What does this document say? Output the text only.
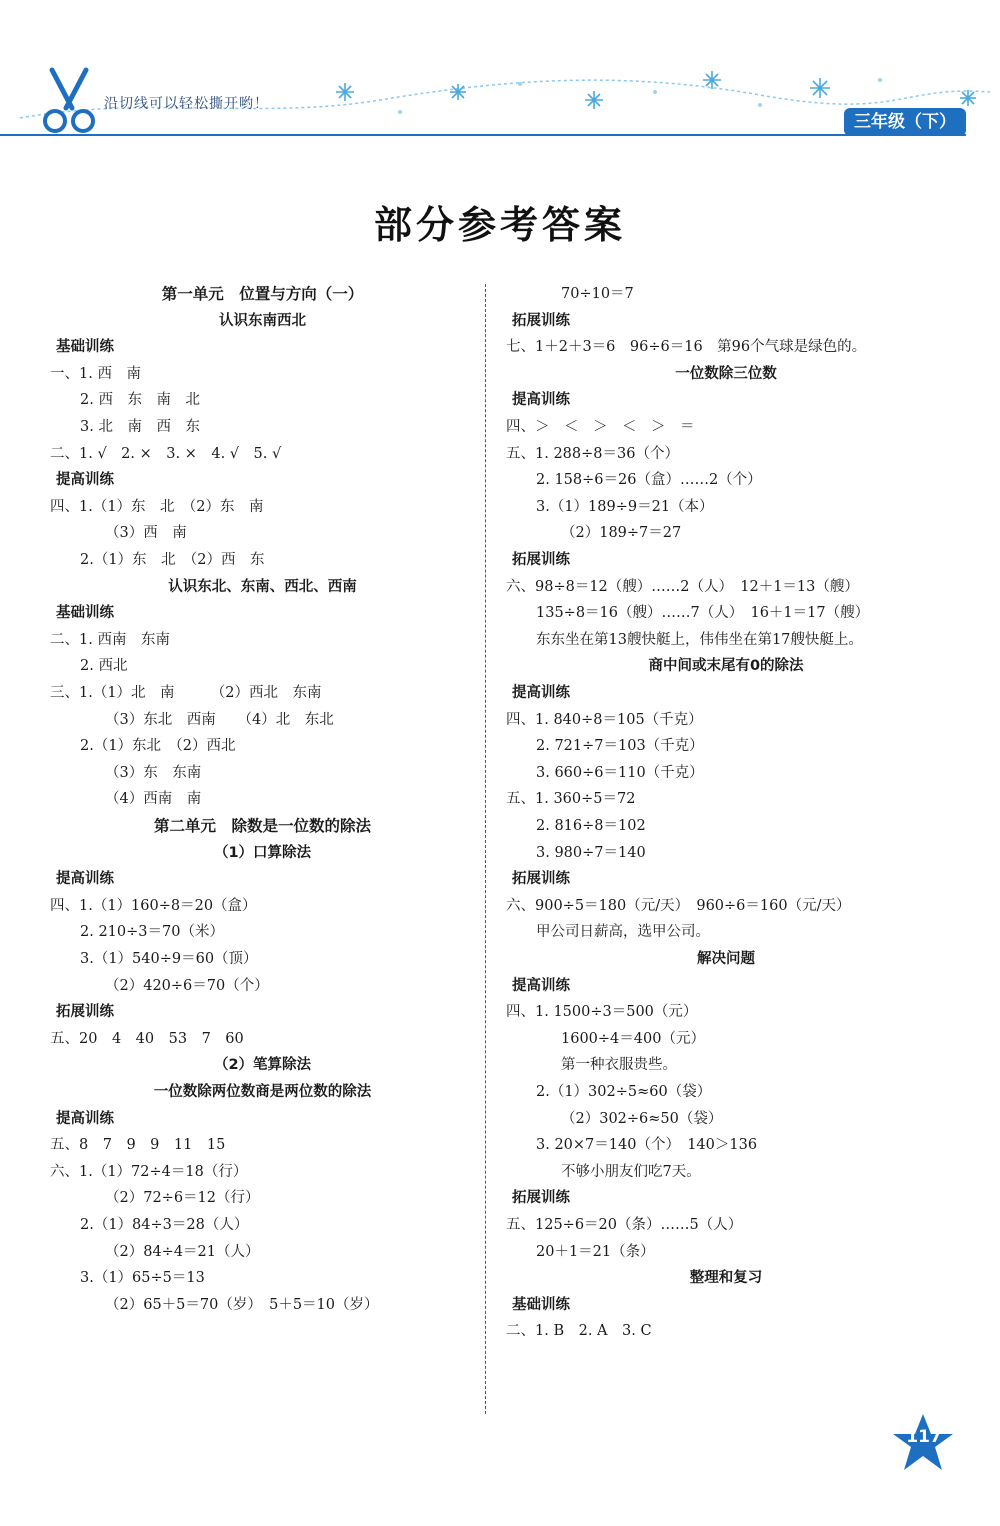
沿切线可以轻松撕开哟！
三年级（下）
部分参考答案
第一单元　位置与方向（一）
认识东南西北
基础训练
一、1. 西　南
2. 西　东　南　北
3. 北　南　西　东
二、1. √　2. ×　3. ×　4. √　5. √
提高训练
四、1.（1）东　北　（2）东　南
（3）西　南
2.（1）东　北　（2）西　东
认识东北、东南、西北、西南
基础训练
二、1. 西南　东南
2. 西北
三、1.（1）北　南　　　（2）西北　东南
（3）东北　西南　　（4）北　东北
2.（1）东北　（2）西北
（3）东　东南
（4）西南　南
第二单元　除数是一位数的除法
（1）口算除法
提高训练
四、1.（1）160÷8＝20（盒）
2. 210÷3＝70（米）
3.（1）540÷9＝60（顶）
（2）420÷6＝70（个）
拓展训练
五、20　4　40　53　7　60
（2）笔算除法
一位数除两位数商是两位数的除法
提高训练
五、8　7　9　9　11　15
六、1.（1）72÷4＝18（行）
（2）72÷6＝12（行）
2.（1）84÷3＝28（人）
（2）84÷4＝21（人）
3.（1）65÷5＝13
（2）65＋5＝70（岁）　5＋5＝10（岁）
70÷10＝7
拓展训练
七、1＋2＋3＝6　96÷6＝16　第96个气球是绿色的。
一位数除三位数
提高训练
四、＞　＜　＞　＜　＞　＝
五、1. 288÷8＝36（个）
2. 158÷6＝26（盒）……2（个）
3.（1）189÷9＝21（本）
（2）189÷7＝27
拓展训练
六、98÷8＝12（艘）……2（人）　12＋1＝13（艘）
135÷8＝16（艘）……7（人）　16＋1＝17（艘）
东东坐在第13艘快艇上，伟伟坐在第17艘快艇上。
商中间或末尾有0的除法
提高训练
四、1. 840÷8＝105（千克）
2. 721÷7＝103（千克）
3. 660÷6＝110（千克）
五、1. 360÷5＝72
2. 816÷8＝102
3. 980÷7＝140
拓展训练
六、900÷5＝180（元/天）　960÷6＝160（元/天）
甲公司日薪高，选甲公司。
解决问题
提高训练
四、1. 1500÷3＝500（元）
1600÷4＝400（元）
第一种衣服贵些。
2.（1）302÷5≈60（袋）
（2）302÷6≈50（袋）
3. 20×7＝140（个）　140＞136
不够小朋友们吃7天。
拓展训练
五、125÷6＝20（条）……5（人）
20＋1＝21（条）
整理和复习
基础训练
二、1. B　2. A　3. C
117
